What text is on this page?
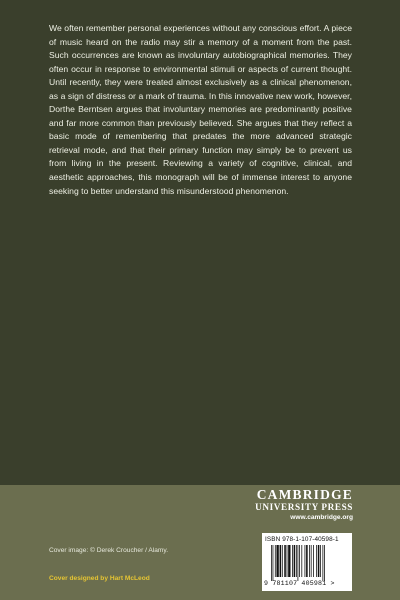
We often remember personal experiences without any conscious effort. A piece of music heard on the radio may stir a memory of a moment from the past. Such occurrences are known as involuntary autobiographical memories. They often occur in response to environmental stimuli or aspects of current thought. Until recently, they were treated almost exclusively as a clinical phenomenon, as a sign of distress or a mark of trauma. In this innovative new work, however, Dorthe Berntsen argues that involuntary memories are predominantly positive and far more common than previously believed. She argues that they reflect a basic mode of remembering that predates the more advanced strategic retrieval mode, and that their primary function may simply be to prevent us from living in the present. Reviewing a variety of cognitive, clinical, and aesthetic approaches, this monograph will be of immense interest to anyone seeking to better understand this misunderstood phenomenon.

CAMBRIDGE
UNIVERSITY PRESS
www.cambridge.org
Cover image: © Derek Croucher / Alamy.
Cover designed by Hart McLeod
ISBN 978-1-107-40598-1
9 781107 405981 >
